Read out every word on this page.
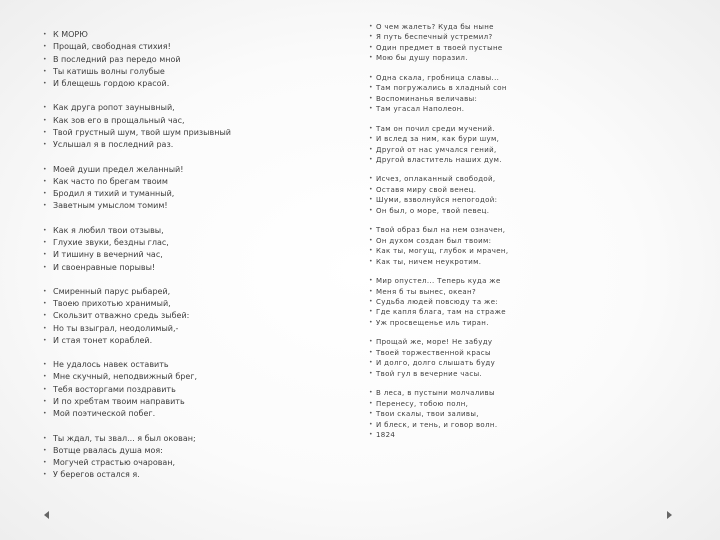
• К МОРЮ
• Прощай, свободная стихия!
• В последний раз передо мной
• Ты катишь волны голубые
• И блещешь гордою красой.
• Как друга ропот заунывный,
• Как зов его в прощальный час,
• Твой грустный шум, твой шум призывный
• Услышал я в последний раз.
• Моей души предел желанный!
• Как часто по брегам твоим
• Бродил я тихий и туманный,
• Заветным умыслом томим!
• Как я любил твои отзывы,
• Глухие звуки, бездны глас,
• И тишину в вечерний час,
• И своенравные порывы!
• Смиренный парус рыбарей,
• Твоею прихотью хранимый,
• Скользит отважно средь зыбей:
• Но ты взыграл, неодолимый,-
• И стая тонет кораблей.
• Не удалось навек оставить
• Мне скучный, неподвижный брег,
• Тебя восторгами поздравить
• И по хребтам твоим направить
• Мой поэтической побег.
• Ты ждал, ты звал... я был окован;
• Вотще рвалась душа моя:
• Могучей страстью очарован,
• У берегов остался я.
• О чем жалеть? Куда бы ныне
• Я путь беспечный устремил?
• Один предмет в твоей пустыне
• Мою бы душу поразил.
• Одна скала, гробница славы...
• Там погружались в хладный сон
• Воспоминанья величавы:
• Там угасал Наполеон.
• Там он почил среди мучений.
• И вслед за ним, как бури шум,
• Другой от нас умчался гений,
• Другой властитель наших дум.
• Исчез, оплаканный свободой,
• Оставя миру свой венец.
• Шуми, взволнуйся непогодой:
• Он был, о море, твой певец.
• Твой образ был на нем означен,
• Он духом создан был твоим:
• Как ты, могущ, глубок и мрачен,
• Как ты, ничем неукротим.
• Мир опустел... Теперь куда же
• Меня б ты вынес, океан?
• Судьба людей повсюду та же:
• Где капля блага, там на страже
• Уж просвещенье иль тиран.
• Прощай же, море! Не забуду
• Твоей торжественной красы
• И долго, долго слышать буду
• Твой гул в вечерние часы.
• В леса, в пустыни молчаливы
• Перенесу, тобою полн,
• Твои скалы, твои заливы,
• И блеск, и тень, и говор волн.
• 1824
